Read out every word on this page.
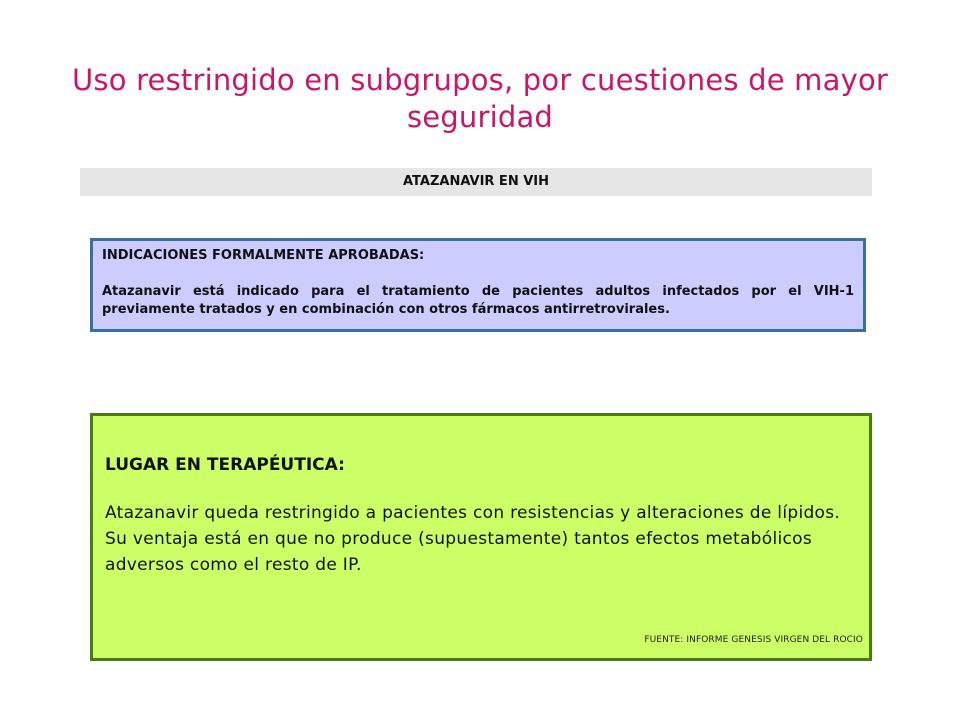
Uso restringido en subgrupos, por cuestiones de mayor seguridad
ATAZANAVIR EN VIH
INDICACIONES FORMALMENTE APROBADAS:
Atazanavir está indicado para el tratamiento de pacientes adultos infectados por el VIH-1 previamente tratados y en combinación con otros fármacos antirretrovirales.
LUGAR EN TERAPÉUTICA:
Atazanavir queda restringido a pacientes con resistencias y alteraciones de lípidos.
Su ventaja está en que no produce (supuestamente) tantos efectos metabólicos adversos como el resto de IP.
FUENTE: INFORME GENESIS VIRGEN DEL ROCIO
